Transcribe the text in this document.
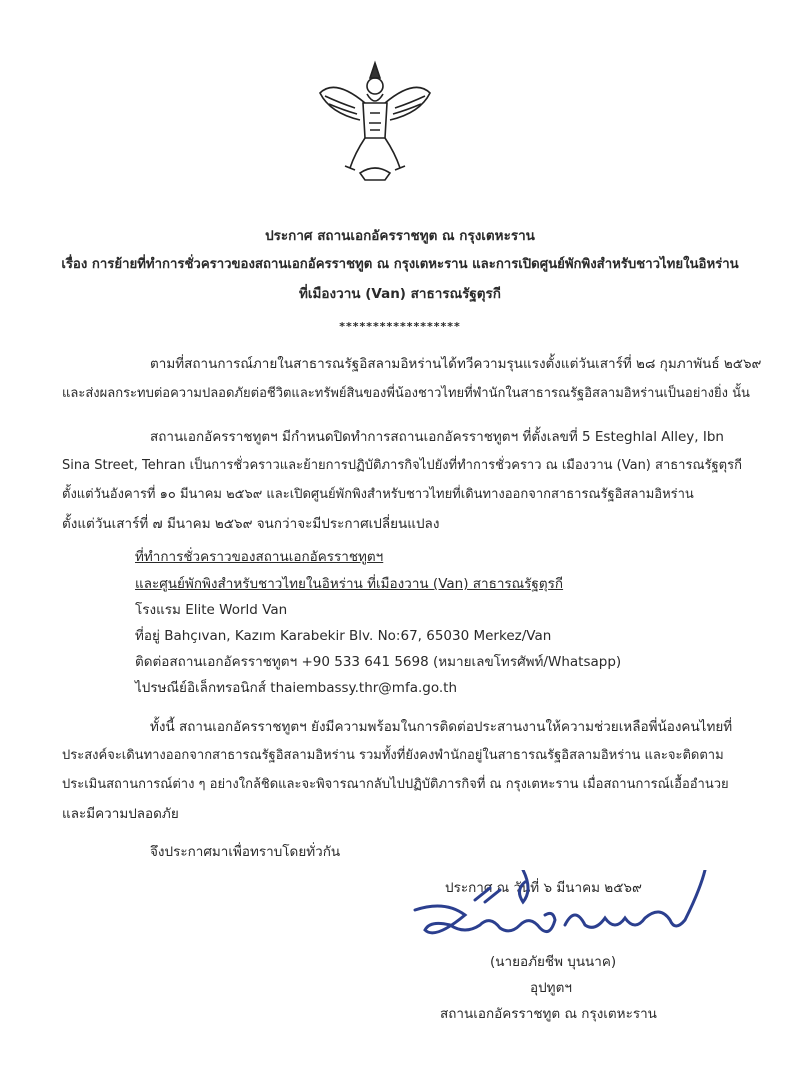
ประกาศ สถานเอกอัครราชทูต ณ กรุงเตหะราน
เรื่อง การย้ายที่ทำการชั่วคราวของสถานเอกอัครราชทูต ณ กรุงเตหะราน และการเปิดศูนย์พักพิงสำหรับชาวไทยในอิหร่าน
ที่เมืองวาน (Van) สาธารณรัฐตุรกี
******************
ตามที่สถานการณ์ภายในสาธารณรัฐอิสลามอิหร่านได้ทวีความรุนแรงตั้งแต่วันเสาร์ที่ ๒๘ กุมภาพันธ์ ๒๕๖๙
และส่งผลกระทบต่อความปลอดภัยต่อชีวิตและทรัพย์สินของพี่น้องชาวไทยที่พำนักในสาธารณรัฐอิสลามอิหร่านเป็นอย่างยิ่ง นั้น
สถานเอกอัครราชทูตฯ มีกำหนดปิดทำการสถานเอกอัครราชทูตฯ ที่ตั้งเลขที่ 5 Esteghlal Alley, Ibn
Sina Street, Tehran เป็นการชั่วคราวและย้ายการปฏิบัติภารกิจไปยังที่ทำการชั่วคราว ณ เมืองวาน (Van) สาธารณรัฐตุรกี
ตั้งแต่วันอังคารที่ ๑๐ มีนาคม ๒๕๖๙ และเปิดศูนย์พักพิงสำหรับชาวไทยที่เดินทางออกจากสาธารณรัฐอิสลามอิหร่าน
ตั้งแต่วันเสาร์ที่ ๗ มีนาคม ๒๕๖๙ จนกว่าจะมีประกาศเปลี่ยนแปลง
ที่ทำการชั่วคราวของสถานเอกอัครราชทูตฯ
และศูนย์พักพิงสำหรับชาวไทยในอิหร่าน ที่เมืองวาน (Van) สาธารณรัฐตุรกี
โรงแรม Elite World Van
ที่อยู่ Bahçıvan, Kazım Karabekir Blv. No:67, 65030 Merkez/Van
ติดต่อสถานเอกอัครราชทูตฯ +90 533 641 5698 (หมายเลขโทรศัพท์/Whatsapp)
ไปรษณีย์อิเล็กทรอนิกส์ thaiembassy.thr@mfa.go.th
ทั้งนี้ สถานเอกอัครราชทูตฯ ยังมีความพร้อมในการติดต่อประสานงานให้ความช่วยเหลือพี่น้องคนไทยที่
ประสงค์จะเดินทางออกจากสาธารณรัฐอิสลามอิหร่าน รวมทั้งที่ยังคงพำนักอยู่ในสาธารณรัฐอิสลามอิหร่าน และจะติดตาม
ประเมินสถานการณ์ต่าง ๆ อย่างใกล้ชิดและจะพิจารณากลับไปปฏิบัติภารกิจที่ ณ กรุงเตหะราน เมื่อสถานการณ์เอื้ออำนวย
และมีความปลอดภัย
จึงประกาศมาเพื่อทราบโดยทั่วกัน
ประกาศ ณ วันที่ ๖ มีนาคม ๒๕๖๙
(นายอภัยชีพ บุนนาค)
อุปทูตฯ
สถานเอกอัครราชทูต ณ กรุงเตหะราน
